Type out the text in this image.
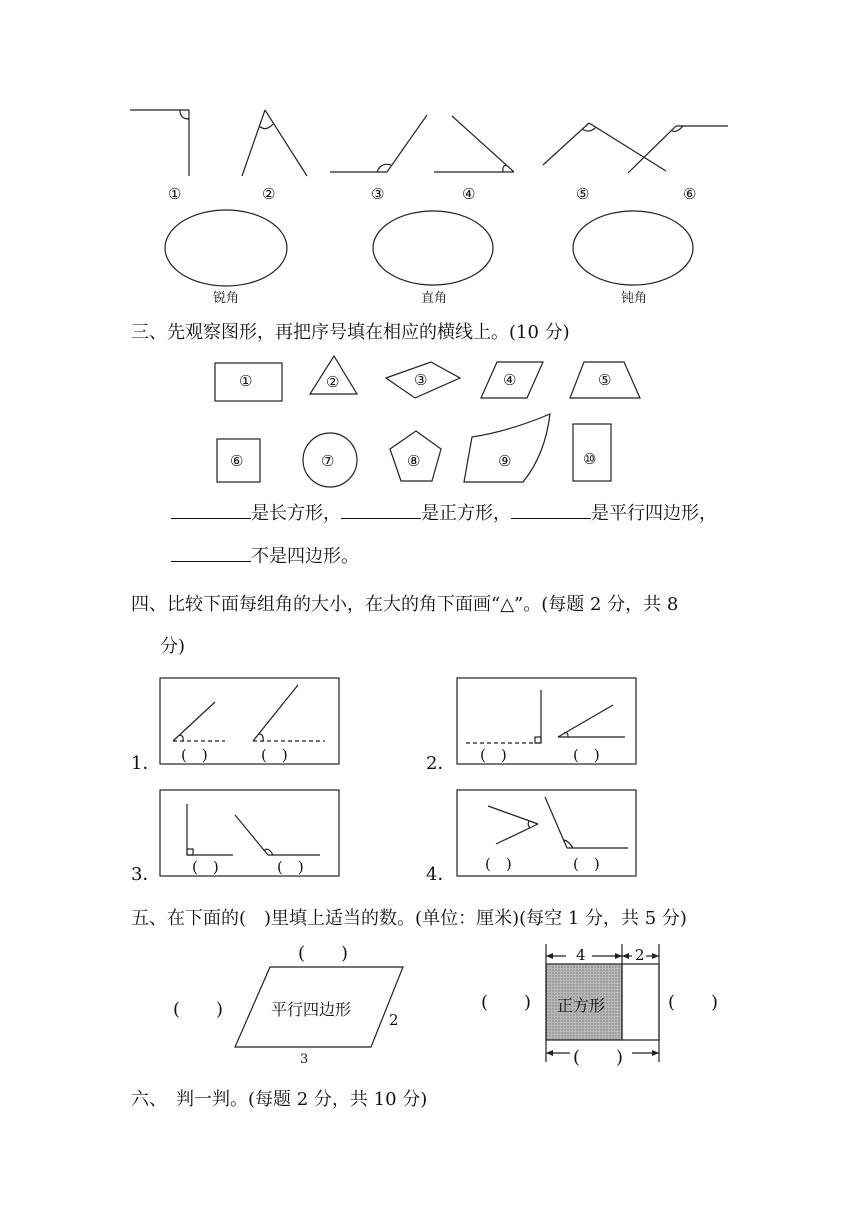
①	②	③	④	⑤	⑥
锐角	直角	钝角
三、先观察图形，再把序号填在相应的横线上。(10 分)
①	②	③	④	⑤
⑥	⑦	⑧	⑨	⑩
是长方形，	是正方形，	是平行四边形，
不是四边形。
四、比较下面每组角的大小，在大的角下面画“△”。(每题 2 分，共 8
分)
(　)	(　)	(　)	(　)
(　)	(　)	(　)	(　)
1．	2．
3．	4．
五、在下面的(　)里填上适当的数。(单位：厘米)(每空 1 分，共 5 分)
(　　)
(　　)	平行四边形
2
3
4	2
正方形
(　　)	(　　)
(　　)
六、　判一判。(每题 2 分，共 10 分)
